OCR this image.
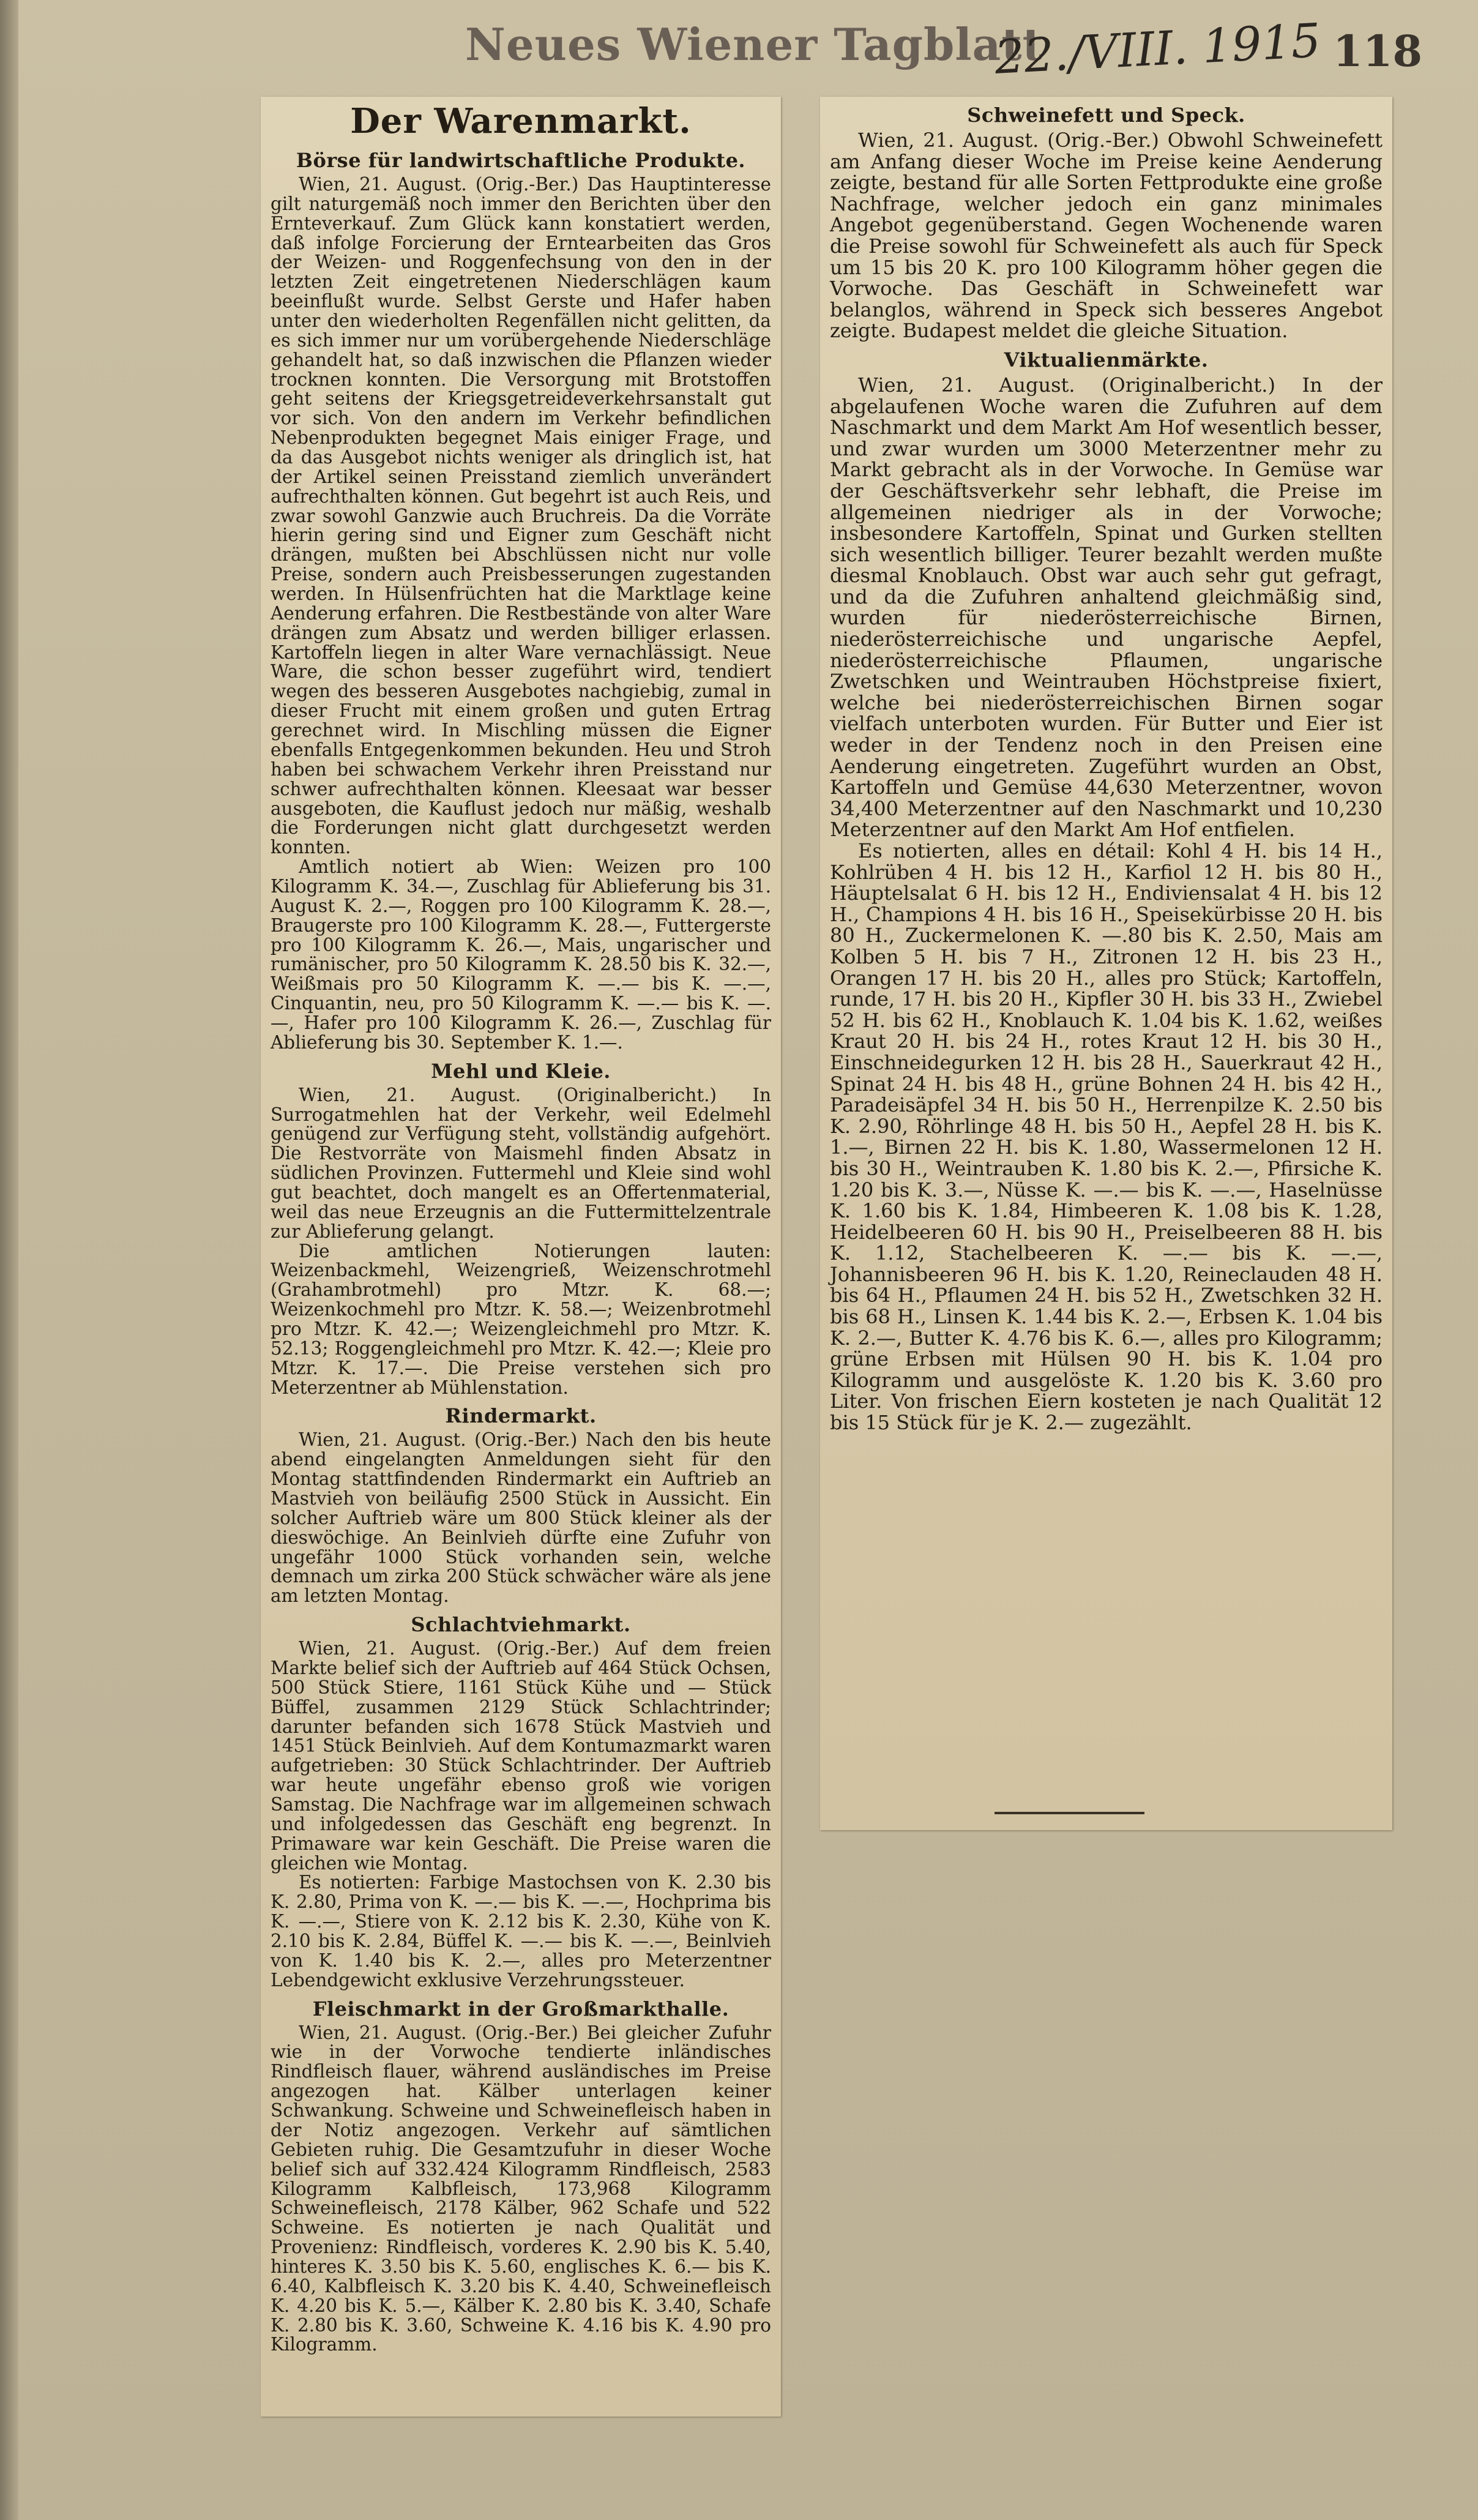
Neues Wiener Tagblatt
22./VIII. 1915 118
Der Warenmarkt.
Börse für landwirtschaftliche Produkte.

Wien, 21. August. (Orig.-Ber.) Das Hauptinteresse gilt naturgemäß noch immer den Berichten über den Ernteverkauf. Zum Glück kann konstatiert werden, daß infolge Forcierung der Erntearbeiten das Gros der Weizen- und Roggenfechsung von den in der letzten Zeit eingetretenen Niederschlägen kaum beeinflußt wurde. Selbst Gerste und Hafer haben unter den wiederholten Regenfällen nicht gelitten, da es sich immer nur um vorübergehende Niederschläge gehandelt hat, so daß inzwischen die Pflanzen wieder trocknen konnten. Die Versorgung mit Brotstoffen geht seitens der Kriegsgetreideverkehrsanstalt gut vor sich. Von den andern im Verkehr befindlichen Nebenprodukten begegnet Mais einiger Frage, und da das Ausgebot nichts weniger als dringlich ist, hat der Artikel seinen Preisstand ziemlich unverändert aufrechthalten können. Gut begehrt ist auch Reis, und zwar sowohl Ganzwie auch Bruchreis. Da die Vorräte hierin gering sind und Eigner zum Geschäft nicht drängen, mußten bei Abschlüssen nicht nur volle Preise, sondern auch Preisbesserungen zugestanden werden. In Hülsenfrüchten hat die Marktlage keine Aenderung erfahren. Die Restbestände von alter Ware drängen zum Absatz und werden billiger erlassen. Kartoffeln liegen in alter Ware vernachlässigt. Neue Ware, die schon besser zugeführt wird, tendiert wegen des besseren Ausgebotes nachgiebig, zumal in dieser Frucht mit einem großen und guten Ertrag gerechnet wird. In Mischling müssen die Eigner ebenfalls Entgegenkommen bekunden. Heu und Stroh haben bei schwachem Verkehr ihren Preisstand nur schwer aufrechthalten können. Kleesaat war besser ausgeboten, die Kauflust jedoch nur mäßig, weshalb die Forderungen nicht glatt durchgesetzt werden konnten.

Amtlich notiert ab Wien: Weizen pro 100 Kilogramm K. 34.—, Zuschlag für Ablieferung bis 31. August K. 2.—, Roggen pro 100 Kilogramm K. 28.—, Braugerste pro 100 Kilogramm K. 28.—, Futtergerste pro 100 Kilogramm K. 26.—, Mais, ungarischer und rumänischer, pro 50 Kilogramm K. 28.50 bis K. 32.—, Weißmais pro 50 Kilogramm K. —.— bis K. —.—, Cinquantin, neu, pro 50 Kilogramm K. —.— bis K. —.—, Hafer pro 100 Kilogramm K. 26.—, Zuschlag für Ablieferung bis 30. September K. 1.—.

Mehl und Kleie.

Wien, 21. August. (Originalbericht.) In Surrogatmehlen hat der Verkehr, weil Edelmehl genügend zur Verfügung steht, vollständig aufgehört. Die Restvorräte von Maismehl finden Absatz in südlichen Provinzen. Futtermehl und Kleie sind wohl gut beachtet, doch mangelt es an Offertenmaterial, weil das neue Erzeugnis an die Futtermittelzentrale zur Ablieferung gelangt.

Die amtlichen Notierungen lauten: Weizenbackmehl, Weizengrieß, Weizenschrotmehl (Grahambrotmehl) pro Mtzr. K. 68.—; Weizenkochmehl pro Mtzr. K. 58.—; Weizenbrotmehl pro Mtzr. K. 42.—; Weizengleichmehl pro Mtzr. K. 52.13; Roggengleichmehl pro Mtzr. K. 42.—; Kleie pro Mtzr. K. 17.—. Die Preise verstehen sich pro Meterzentner ab Mühlenstation.

Rindermarkt.

Wien, 21. August. (Orig.-Ber.) Nach den bis heute abend eingelangten Anmeldungen sieht für den Montag stattfindenden Rindermarkt ein Auftrieb an Mastvieh von beiläufig 2500 Stück in Aussicht. Ein solcher Auftrieb wäre um 800 Stück kleiner als der dieswöchige. An Beinlvieh dürfte eine Zufuhr von ungefähr 1000 Stück vorhanden sein, welche demnach um zirka 200 Stück schwächer wäre als jene am letzten Montag.

Schlachtviehmarkt.

Wien, 21. August. (Orig.-Ber.) Auf dem freien Markte belief sich der Auftrieb auf 464 Stück Ochsen, 500 Stück Stiere, 1161 Stück Kühe und — Stück Büffel, zusammen 2129 Stück Schlachtrinder; darunter befanden sich 1678 Stück Mastvieh und 1451 Stück Beinlvieh. Auf dem Kontumazmarkt waren aufgetrieben: 30 Stück Schlachtrinder. Der Auftrieb war heute ungefähr ebenso groß wie vorigen Samstag. Die Nachfrage war im allgemeinen schwach und infolgedessen das Geschäft eng begrenzt. In Primaware war kein Geschäft. Die Preise waren die gleichen wie Montag.

Es notierten: Farbige Mastochsen von K. 2.30 bis K. 2.80, Prima von K. —.— bis K. —.—, Hochprima bis K. —.—, Stiere von K. 2.12 bis K. 2.30, Kühe von K. 2.10 bis K. 2.84, Büffel K. —.— bis K. —.—, Beinlvieh von K. 1.40 bis K. 2.—, alles pro Meterzentner Lebendgewicht exklusive Verzehrungssteuer.

Fleischmarkt in der Großmarkthalle.

Wien, 21. August. (Orig.-Ber.) Bei gleicher Zufuhr wie in der Vorwoche tendierte inländisches Rindfleisch flauer, während ausländisches im Preise angezogen hat. Kälber unterlagen keiner Schwankung. Schweine und Schweinefleisch haben in der Notiz angezogen. Verkehr auf sämtlichen Gebieten ruhig. Die Gesamtzufuhr in dieser Woche belief sich auf 332.424 Kilogramm Rindfleisch, 2583 Kilogramm Kalbfleisch, 173,968 Kilogramm Schweinefleisch, 2178 Kälber, 962 Schafe und 522 Schweine. Es notierten je nach Qualität und Provenienz: Rindfleisch, vorderes K. 2.90 bis K. 5.40, hinteres K. 3.50 bis K. 5.60, englisches K. 6.— bis K. 6.40, Kalbfleisch K. 3.20 bis K. 4.40, Schweinefleisch K. 4.20 bis K. 5.—, Kälber K. 2.80 bis K. 3.40, Schafe K. 2.80 bis K. 3.60, Schweine K. 4.16 bis K. 4.90 pro Kilogramm.

Schweinefett und Speck.

Wien, 21. August. (Orig.-Ber.) Obwohl Schweinefett am Anfang dieser Woche im Preise keine Aenderung zeigte, bestand für alle Sorten Fettprodukte eine große Nachfrage, welcher jedoch ein ganz minimales Angebot gegenüberstand. Gegen Wochenende waren die Preise sowohl für Schweinefett als auch für Speck um 15 bis 20 K. pro 100 Kilogramm höher gegen die Vorwoche. Das Geschäft in Schweinefett war belanglos, während in Speck sich besseres Angebot zeigte. Budapest meldet die gleiche Situation.

Viktualienmärkte.

Wien, 21. August. (Originalbericht.) In der abgelaufenen Woche waren die Zufuhren auf dem Naschmarkt und dem Markt Am Hof wesentlich besser, und zwar wurden um 3000 Meterzentner mehr zu Markt gebracht als in der Vorwoche. In Gemüse war der Geschäftsverkehr sehr lebhaft, die Preise im allgemeinen niedriger als in der Vorwoche; insbesondere Kartoffeln, Spinat und Gurken stellten sich wesentlich billiger. Teurer bezahlt werden mußte diesmal Knoblauch. Obst war auch sehr gut gefragt, und da die Zufuhren anhaltend gleichmäßig sind, wurden für niederösterreichische Birnen, niederösterreichische und ungarische Aepfel, niederösterreichische Pflaumen, ungarische Zwetschken und Weintrauben Höchstpreise fixiert, welche bei niederösterreichischen Birnen sogar vielfach unterboten wurden. Für Butter und Eier ist weder in der Tendenz noch in den Preisen eine Aenderung eingetreten. Zugeführt wurden an Obst, Kartoffeln und Gemüse 44,630 Meterzentner, wovon 34,400 Meterzentner auf den Naschmarkt und 10,230 Meterzentner auf den Markt Am Hof entfielen.

Es notierten, alles en détail: Kohl 4 H. bis 14 H., Kohlrüben 4 H. bis 12 H., Karfiol 12 H. bis 80 H., Häuptelsalat 6 H. bis 12 H., Endiviensalat 4 H. bis 12 H., Champions 4 H. bis 16 H., Speisekürbisse 20 H. bis 80 H., Zuckermelonen K. —.80 bis K. 2.50, Mais am Kolben 5 H. bis 7 H., Zitronen 12 H. bis 23 H., Orangen 17 H. bis 20 H., alles pro Stück; Kartoffeln, runde, 17 H. bis 20 H., Kipfler 30 H. bis 33 H., Zwiebel 52 H. bis 62 H., Knoblauch K. 1.04 bis K. 1.62, weißes Kraut 20 H. bis 24 H., rotes Kraut 12 H. bis 30 H., Einschneidegurken 12 H. bis 28 H., Sauerkraut 42 H., Spinat 24 H. bis 48 H., grüne Bohnen 24 H. bis 42 H., Paradeisäpfel 34 H. bis 50 H., Herrenpilze K. 2.50 bis K. 2.90, Röhrlinge 48 H. bis 50 H., Aepfel 28 H. bis K. 1.—, Birnen 22 H. bis K. 1.80, Wassermelonen 12 H. bis 30 H., Weintrauben K. 1.80 bis K. 2.—, Pfirsiche K. 1.20 bis K. 3.—, Nüsse K. —.— bis K. —.—, Haselnüsse K. 1.60 bis K. 1.84, Himbeeren K. 1.08 bis K. 1.28, Heidelbeeren 60 H. bis 90 H., Preiselbeeren 88 H. bis K. 1.12, Stachelbeeren K. —.— bis K. —.—, Johannisbeeren 96 H. bis K. 1.20, Reineclauden 48 H. bis 64 H., Pflaumen 24 H. bis 52 H., Zwetschken 32 H. bis 68 H., Linsen K. 1.44 bis K. 2.—, Erbsen K. 1.04 bis K. 2.—, Butter K. 4.76 bis K. 6.—, alles pro Kilogramm; grüne Erbsen mit Hülsen 90 H. bis K. 1.04 pro Kilogramm und ausgelöste K. 1.20 bis K. 3.60 pro Liter. Von frischen Eiern kosteten je nach Qualität 12 bis 15 Stück für je K. 2.— zugezählt.
